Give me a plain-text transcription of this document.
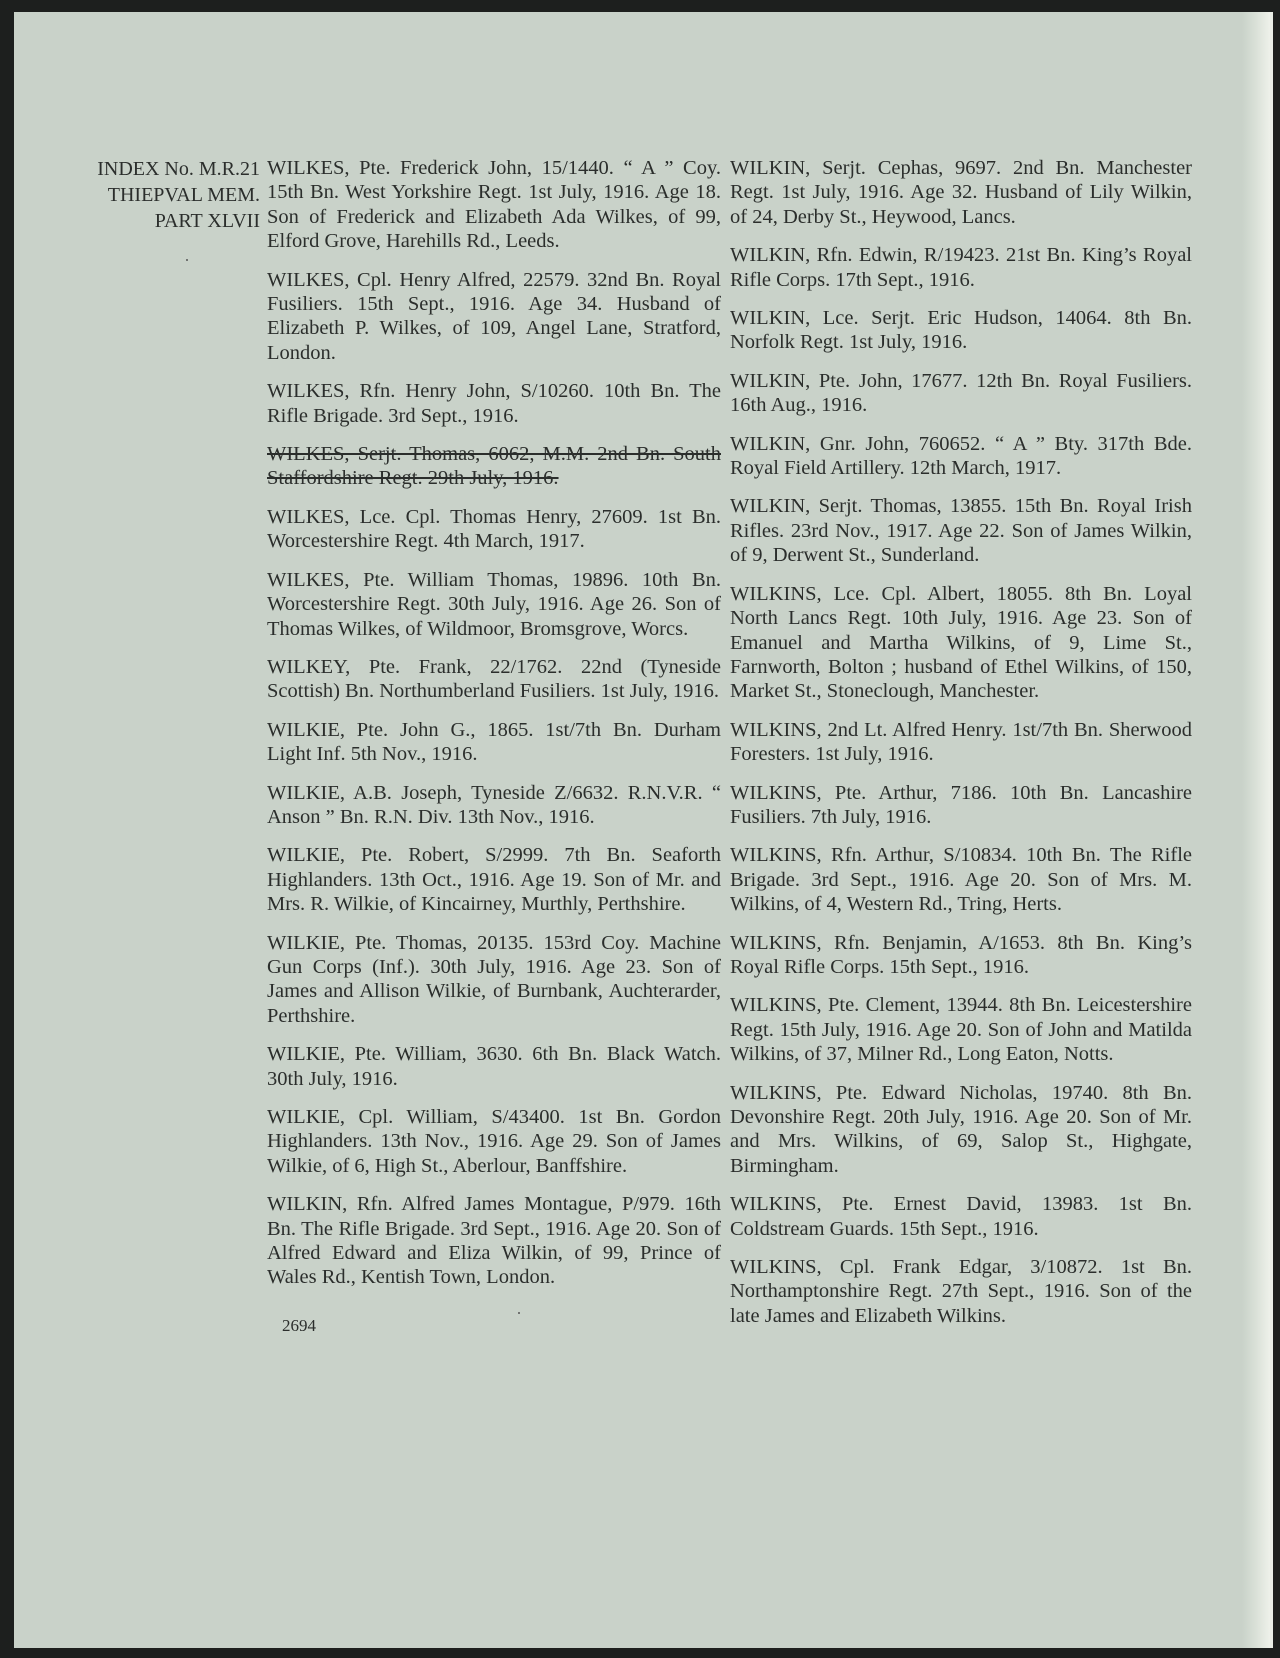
INDEX No. M.R.21
THIEPVAL MEM.
PART XLVII

WILKES, Pte. Frederick John, 15/1440. “ A ” Coy. 15th Bn. West Yorkshire Regt. 1st July, 1916. Age 18. Son of Frederick and Elizabeth Ada Wilkes, of 99, Elford Grove, Harehills Rd., Leeds.

WILKES, Cpl. Henry Alfred, 22579. 32nd Bn. Royal Fusiliers. 15th Sept., 1916. Age 34. Husband of Elizabeth P. Wilkes, of 109, Angel Lane, Stratford, London.

WILKES, Rfn. Henry John, S/10260. 10th Bn. The Rifle Brigade. 3rd Sept., 1916.

WILKES, Serjt. Thomas, 6062, M.M. 2nd Bn. South Staffordshire Regt. 29th July, 1916.

WILKES, Lce. Cpl. Thomas Henry, 27609. 1st Bn. Worcestershire Regt. 4th March, 1917.

WILKES, Pte. William Thomas, 19896. 10th Bn. Worcestershire Regt. 30th July, 1916. Age 26. Son of Thomas Wilkes, of Wildmoor, Bromsgrove, Worcs.

WILKEY, Pte. Frank, 22/1762. 22nd (Tyneside Scottish) Bn. Northumberland Fusiliers. 1st July, 1916.

WILKIE, Pte. John G., 1865. 1st/7th Bn. Durham Light Inf. 5th Nov., 1916.

WILKIE, A.B. Joseph, Tyneside Z/6632. R.N.V.R. “ Anson ” Bn. R.N. Div. 13th Nov., 1916.

WILKIE, Pte. Robert, S/2999. 7th Bn. Seaforth Highlanders. 13th Oct., 1916. Age 19. Son of Mr. and Mrs. R. Wilkie, of Kincairney, Murthly, Perthshire.

WILKIE, Pte. Thomas, 20135. 153rd Coy. Machine Gun Corps (Inf.). 30th July, 1916. Age 23. Son of James and Allison Wilkie, of Burnbank, Auchterarder, Perthshire.

WILKIE, Pte. William, 3630. 6th Bn. Black Watch. 30th July, 1916.

WILKIE, Cpl. William, S/43400. 1st Bn. Gordon Highlanders. 13th Nov., 1916. Age 29. Son of James Wilkie, of 6, High St., Aberlour, Banffshire.

WILKIN, Rfn. Alfred James Montague, P/979. 16th Bn. The Rifle Brigade. 3rd Sept., 1916. Age 20. Son of Alfred Edward and Eliza Wilkin, of 99, Prince of Wales Rd., Kentish Town, London.

WILKIN, Serjt. Cephas, 9697. 2nd Bn. Manchester Regt. 1st July, 1916. Age 32. Husband of Lily Wilkin, of 24, Derby St., Heywood, Lancs.

WILKIN, Rfn. Edwin, R/19423. 21st Bn. King’s Royal Rifle Corps. 17th Sept., 1916.

WILKIN, Lce. Serjt. Eric Hudson, 14064. 8th Bn. Norfolk Regt. 1st July, 1916.

WILKIN, Pte. John, 17677. 12th Bn. Royal Fusiliers. 16th Aug., 1916.

WILKIN, Gnr. John, 760652. “ A ” Bty. 317th Bde. Royal Field Artillery. 12th March, 1917.

WILKIN, Serjt. Thomas, 13855. 15th Bn. Royal Irish Rifles. 23rd Nov., 1917. Age 22. Son of James Wilkin, of 9, Derwent St., Sunderland.

WILKINS, Lce. Cpl. Albert, 18055. 8th Bn. Loyal North Lancs Regt. 10th July, 1916. Age 23. Son of Emanuel and Martha Wilkins, of 9, Lime St., Farnworth, Bolton ; husband of Ethel Wilkins, of 150, Market St., Stoneclough, Manchester.

WILKINS, 2nd Lt. Alfred Henry. 1st/7th Bn. Sherwood Foresters. 1st July, 1916.

WILKINS, Pte. Arthur, 7186. 10th Bn. Lancashire Fusiliers. 7th July, 1916.

WILKINS, Rfn. Arthur, S/10834. 10th Bn. The Rifle Brigade. 3rd Sept., 1916. Age 20. Son of Mrs. M. Wilkins, of 4, Western Rd., Tring, Herts.

WILKINS, Rfn. Benjamin, A/1653. 8th Bn. King’s Royal Rifle Corps. 15th Sept., 1916.

WILKINS, Pte. Clement, 13944. 8th Bn. Leicestershire Regt. 15th July, 1916. Age 20. Son of John and Matilda Wilkins, of 37, Milner Rd., Long Eaton, Notts.

WILKINS, Pte. Edward Nicholas, 19740. 8th Bn. Devonshire Regt. 20th July, 1916. Age 20. Son of Mr. and Mrs. Wilkins, of 69, Salop St., Highgate, Birmingham.

WILKINS, Pte. Ernest David, 13983. 1st Bn. Coldstream Guards. 15th Sept., 1916.

WILKINS, Cpl. Frank Edgar, 3/10872. 1st Bn. Northamptonshire Regt. 27th Sept., 1916. Son of the late James and Elizabeth Wilkins.

2694
